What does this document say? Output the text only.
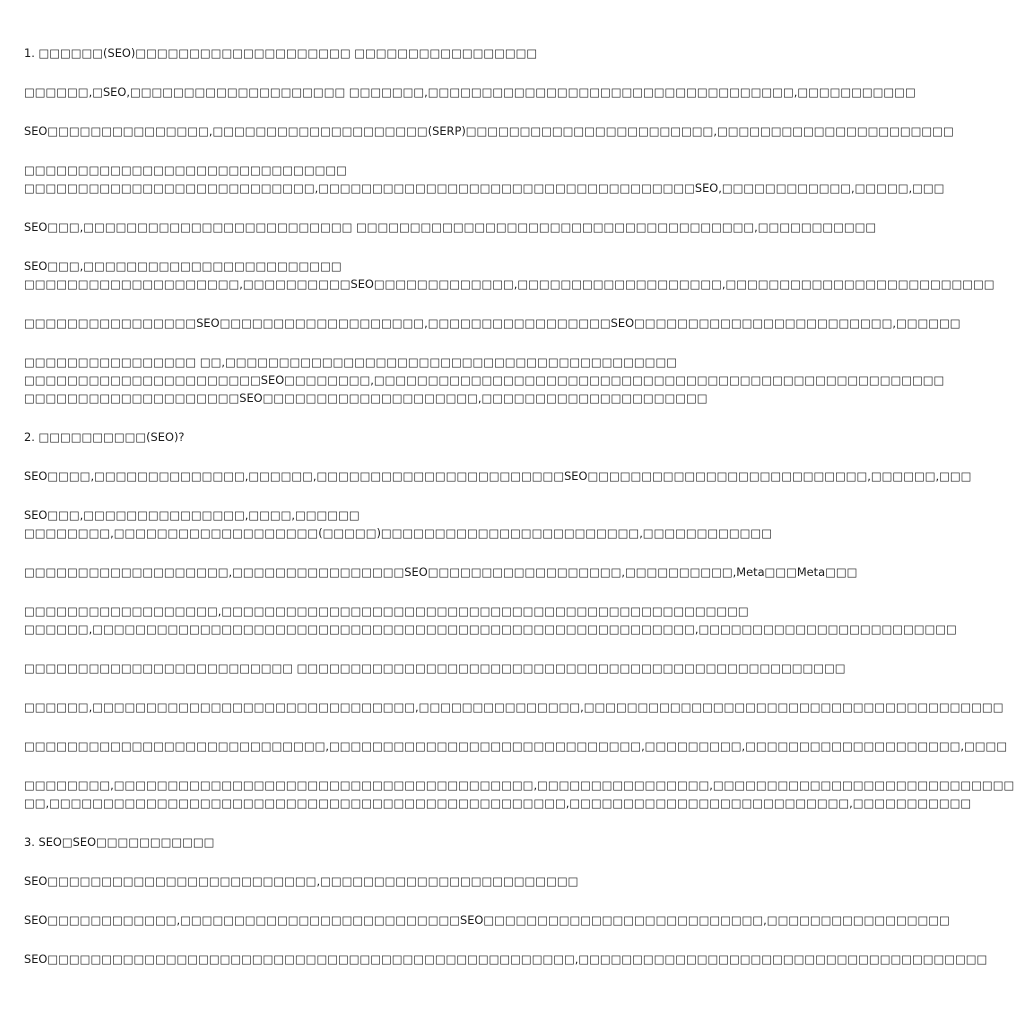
1. □□□□□□(SEO)□□□□□□□□□□□□□□□□□□□□ □□□□□□□□□□□□□□□□□
□□□□□□,□SEO,□□□□□□□□□□□□□□□□□□□□ □□□□□□□,□□□□□□□□□□□□□□□□□□□□□□□□□□□□□□□□□□,□□□□□□□□□□□
SEO□□□□□□□□□□□□□□□,□□□□□□□□□□□□□□□□□□□□(SERP)□□□□□□□□□□□□□□□□□□□□□□□,□□□□□□□□□□□□□□□□□□□□□□
□□□□□□□□□□□□□□□□□□□□□□□□□□□□□□
□□□□□□□□□□□□□□□□□□□□□□□□□□□,□□□□□□□□□□□□□□□□□□□□□□□□□□□□□□□□□□□SEO,□□□□□□□□□□□□,□□□□□,□□□
SEO□□□,□□□□□□□□□□□□□□□□□□□□□□□□□ □□□□□□□□□□□□□□□□□□□□□□□□□□□□□□□□□□□□□,□□□□□□□□□□□
SEO□□□,□□□□□□□□□□□□□□□□□□□□□□□□
□□□□□□□□□□□□□□□□□□□□,□□□□□□□□□□SEO□□□□□□□□□□□□□,□□□□□□□□□□□□□□□□□□□,□□□□□□□□□□□□□□□□□□□□□□□□□
□□□□□□□□□□□□□□□□SEO□□□□□□□□□□□□□□□□□□□,□□□□□□□□□□□□□□□□□SEO□□□□□□□□□□□□□□□□□□□□□□□□,□□□□□□
□□□□□□□□□□□□□□□□ □□,□□□□□□□□□□□□□□□□□□□□□□□□□□□□□□□□□□□□□□□□□□
□□□□□□□□□□□□□□□□□□□□□□SEO□□□□□□□□,□□□□□□□□□□□□□□□□□□□□□□□□□□□□□□□□□□□□□□□□□□□□□□□□□□□□□
□□□□□□□□□□□□□□□□□□□□SEO□□□□□□□□□□□□□□□□□□□□,□□□□□□□□□□□□□□□□□□□□□
2. □□□□□□□□□□(SEO)?
SEO□□□□,□□□□□□□□□□□□□□,□□□□□□,□□□□□□□□□□□□□□□□□□□□□□□SEO□□□□□□□□□□□□□□□□□□□□□□□□□□,□□□□□□,□□□
SEO□□□,□□□□□□□□□□□□□□□,□□□□,□□□□□□
□□□□□□□□,□□□□□□□□□□□□□□□□□□□(□□□□□)□□□□□□□□□□□□□□□□□□□□□□□□,□□□□□□□□□□□□
□□□□□□□□□□□□□□□□□□□,□□□□□□□□□□□□□□□□SEO□□□□□□□□□□□□□□□□□□,□□□□□□□□□□,Meta□□□Meta□□□
□□□□□□□□□□□□□□□□□□,□□□□□□□□□□□□□□□□□□□□□□□□□□□□□□□□□□□□□□□□□□□□□□□□□
□□□□□□,□□□□□□□□□□□□□□□□□□□□□□□□□□□□□□□□□□□□□□□□□□□□□□□□□□□□□□□□,□□□□□□□□□□□□□□□□□□□□□□□□
□□□□□□□□□□□□□□□□□□□□□□□□□ □□□□□□□□□□□□□□□□□□□□□□□□□□□□□□□□□□□□□□□□□□□□□□□□□□□
□□□□□□,□□□□□□□□□□□□□□□□□□□□□□□□□□□□□□,□□□□□□□□□□□□□□□,□□□□□□□□□□□□□□□□□□□□□□□□□□□□□□□□□□□□□□□
□□□□□□□□□□□□□□□□□□□□□□□□□□□□,□□□□□□□□□□□□□□□□□□□□□□□□□□□□□,□□□□□□□□□,□□□□□□□□□□□□□□□□□□□□,□□□□
□□□□□□□□,□□□□□□□□□□□□□□□□□□□□□□□□□□□□□□□□□□□□□□□,□□□□□□□□□□□□□□□□,□□□□□□□□□□□□□□□□□□□□□□□□□□□□
□□,□□□□□□□□□□□□□□□□□□□□□□□□□□□□□□□□□□□□□□□□□□□□□□□□,□□□□□□□□□□□□□□□□□□□□□□□□□□,□□□□□□□□□□□
3. SEO□SEO□□□□□□□□□□□
SEO□□□□□□□□□□□□□□□□□□□□□□□□□,□□□□□□□□□□□□□□□□□□□□□□□□
SEO□□□□□□□□□□□□,□□□□□□□□□□□□□□□□□□□□□□□□□□SEO□□□□□□□□□□□□□□□□□□□□□□□□□□,□□□□□□□□□□□□□□□□□
SEO□□□□□□□□□□□□□□□□□□□□□□□□□□□□□□□□□□□□□□□□□□□□□□□□□,□□□□□□□□□□□□□□□□□□□□□□□□□□□□□□□□□□□□□□
